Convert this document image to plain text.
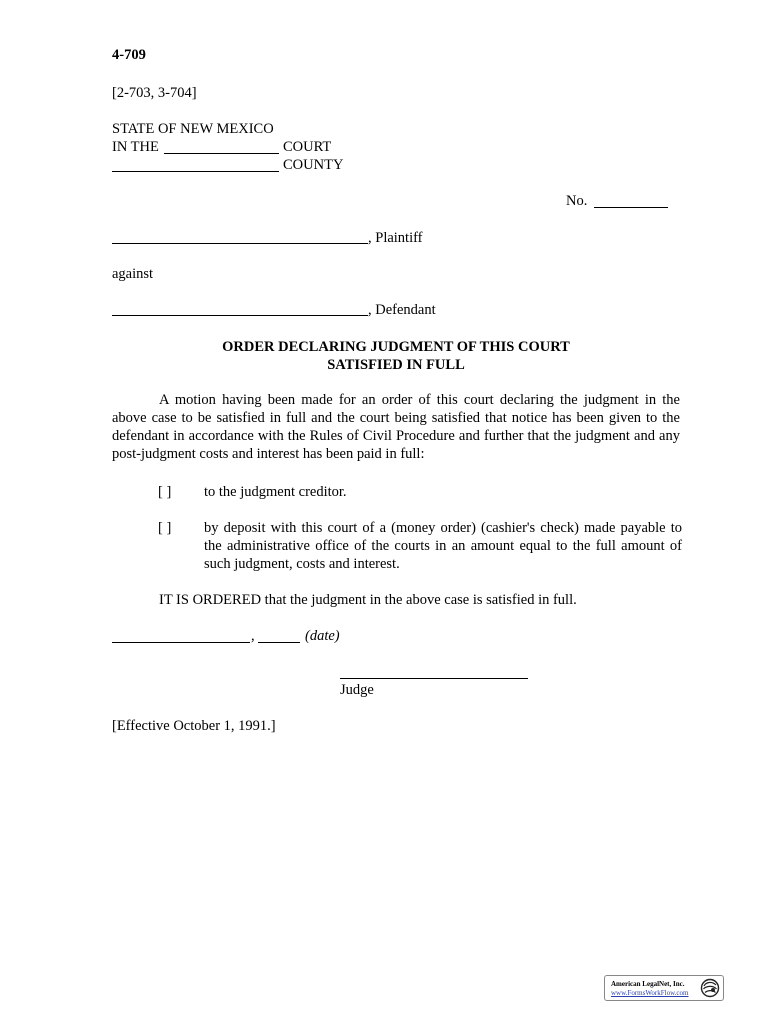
4-709
[2-703, 3-704]
STATE OF NEW MEXICO
IN THE	COURT
COUNTY
No.
, Plaintiff
against
, Defendant
ORDER DECLARING JUDGMENT OF THIS COURT
SATISFIED IN FULL
A motion having been made for an order of this court declaring the judgment in the above case to be satisfied in full and the court being satisfied that notice has been given to the defendant in accordance with the Rules of Civil Procedure and further that the judgment and any post-judgment costs and interest has been paid in full:
[ ] to the judgment creditor.
[ ] by deposit with this court of a (money order) (cashier's check) made payable to the administrative office of the courts in an amount equal to the full amount of such judgment, costs and interest.
IT IS ORDERED that the judgment in the above case is satisfied in full.
,	(date)
Judge
[Effective October 1, 1991.]
American LegalNet, Inc.
www.FormsWorkFlow.com
